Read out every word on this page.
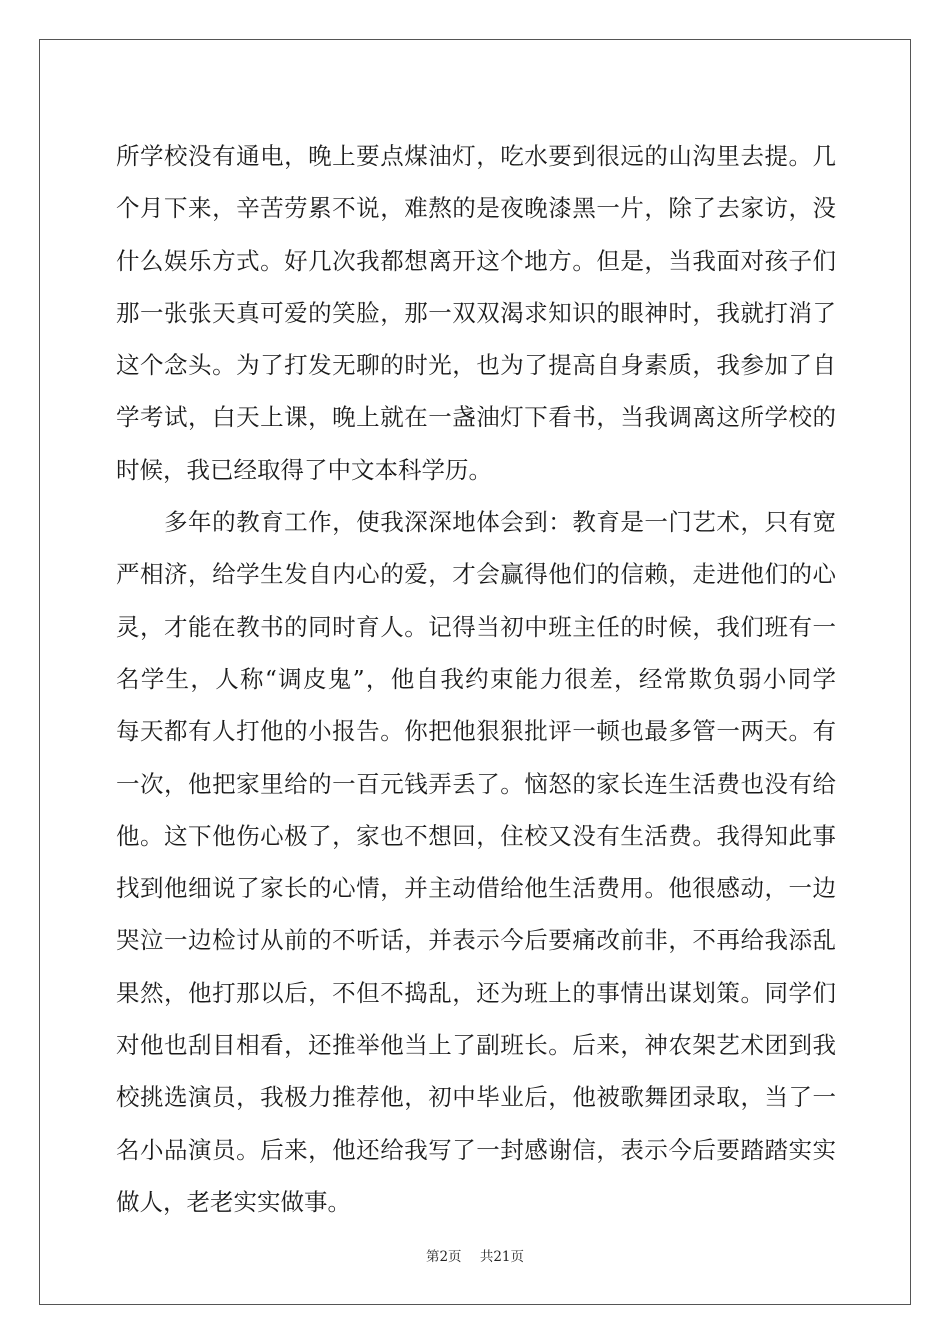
所学校没有通电，晚上要点煤油灯，吃水要到很远的山沟里去提。几
个月下来，辛苦劳累不说，难熬的是夜晚漆黑一片，除了去家访，没
什么娱乐方式。好几次我都想离开这个地方。但是，当我面对孩子们
那一张张天真可爱的笑脸，那一双双渴求知识的眼神时，我就打消了
这个念头。为了打发无聊的时光，也为了提高自身素质，我参加了自
学考试，白天上课，晚上就在一盏油灯下看书，当我调离这所学校的
时候，我已经取得了中文本科学历。
　　多年的教育工作，使我深深地体会到：教育是一门艺术，只有宽
严相济，给学生发自内心的爱，才会赢得他们的信赖，走进他们的心
灵，才能在教书的同时育人。记得当初中班主任的时候，我们班有一
名学生，人称“调皮鬼”，他自我约束能力很差，经常欺负弱小同学
每天都有人打他的小报告。你把他狠狠批评一顿也最多管一两天。有
一次，他把家里给的一百元钱弄丢了。恼怒的家长连生活费也没有给
他。这下他伤心极了，家也不想回，住校又没有生活费。我得知此事
找到他细说了家长的心情，并主动借给他生活费用。他很感动，一边
哭泣一边检讨从前的不听话，并表示今后要痛改前非，不再给我添乱
果然，他打那以后，不但不捣乱，还为班上的事情出谋划策。同学们
对他也刮目相看，还推举他当上了副班长。后来，神农架艺术团到我
校挑选演员，我极力推荐他，初中毕业后，他被歌舞团录取，当了一
名小品演员。后来，他还给我写了一封感谢信，表示今后要踏踏实实
做人，老老实实做事。
第2页 共21页
